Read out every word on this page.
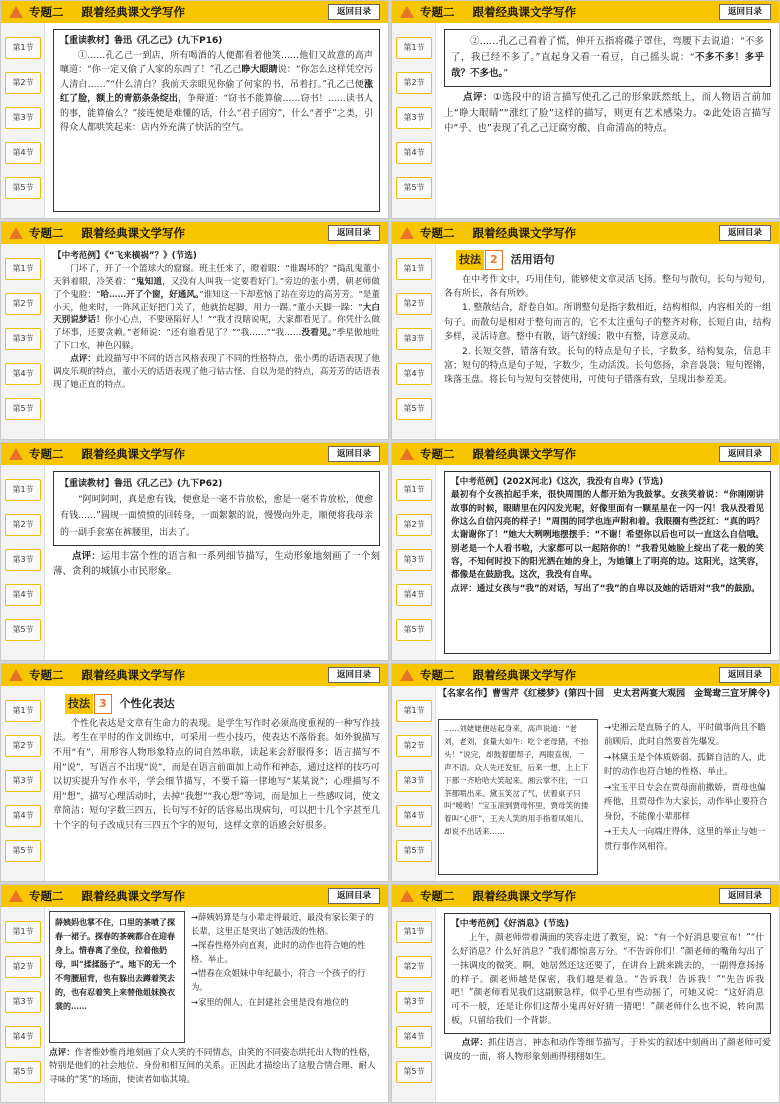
专题二 跟着经典课文学写作	返回目录
第1节
第2节
第3节
第4节
第5节
【重读教材】鲁迅《孔乙己》(九下P16)
①……孔乙己一到店，所有喝酒的人便都看着他笑……他们又故意的高声嚷道：“你一定又偷了人家的东西了！”孔乙己睁大眼睛说：“你怎么这样凭空污人清白……”“什么清白？我前天亲眼见你偷了何家的书，吊着打。”孔乙己便涨红了脸，额上的青筋条条绽出，争辩道：“窃书不能算偷……窃书！……读书人的事，能算偷么？”接连便是难懂的话，什么“君子固穷”，什么“者乎”之类，引得众人都哄笑起来：店内外充满了快活的空气。
专题二 跟着经典课文学写作	返回目录
第1节
第2节
第3节
第4节
第5节
②……孔乙己看着了慌，伸开五指将碟子罩住，弯腰下去说道：“不多了，我已经不多了。”直起身又看一看豆，自己摇头说：“不多不多！多乎哉？不多也。”
点评：①选段中的语言描写使孔乙己的形象跃然纸上，而人物语言前加上“睁大眼睛”“涨红了脸”这样的描写，则更有艺术感染力。②此处语言描写中“乎、也”表现了孔乙己迂腐穷酸、自命清高的特点。
专题二 跟着经典课文学写作	返回目录
第1节
第2节
第3节
第4节
第5节
【中考范例】《“飞来横祸”？》(节选)
门坏了，开了一个篮球大的窟窿。班主任来了，瞪着眼：“谁踢坏的？”捣乱鬼董小天斜着眼，冷笑着：“鬼知道，又没有人叫我一定要看好门。”旁边的张小勇，朝老师做了个鬼脸：“哈……开了个窗，好通风。”谁知这一下却惹恼了站在旁边的高芳芳。“是董小天，他来时，一阵风正好把门关了，他就抬起脚，用力一踢。”董小天脚一跺：“大白天别说梦话！你小心点，不要诬陷好人！”“我才没瞎说呢，大家都看见了。你凭什么做了坏事，还要贪赖。”老师说：“还有谁看见了？”“我……”“我……没看见。”季星傲地吐了下口水，神色闪躲。
点评：此段描写中不同的语言风格表现了不同的性格特点，张小勇的话语表现了他调皮乐观的特点，董小天的话语表现了他刁钻古怪、自以为是的特点，高芳芳的话语表现了她正直的特点。
专题二 跟着经典课文学写作	返回目录
第1节
第2节
第3节
第4节
第5节
技法 2	活用语句
在中考作文中，巧用佳句，能够使文章灵活飞扬。整句与散句，长句与短句，各有所长，各有所妙。
1. 整散结合，舒卷自如。所谓整句是指字数相近，结构相似，内容相关的一组句子。而散句是相对于整句而言的，它不太注重句子的整齐对称，长短自由，结构多样，灵活诗意。整中有散，语气舒缓；散中有整，诗意灵动。
2. 长短交替，错落有致。长句的特点是句子长，字数多，结构复杂，信息丰富；短句的特点是句子短，字数少，生动活泼。长句悠扬，余音袅袅；短句铿锵，珠落玉盘。将长句与短句交替使用，可使句子错落有致，呈现出参差美。
专题二 跟着经典课文学写作	返回目录
第1节
第2节
第3节
第4节
第5节
【重读教材】鲁迅《孔乙己》(九下P62)
“阿呵阿呵，真是愈有钱，便愈是一毫不肯放松，愈是一毫不肯放松，便愈有钱……”圆规一面愤愤的回转身，一面絮絮的说，慢慢向外走，顺便将我母亲的一副手套塞在裤腰里，出去了。
点评：运用丰富个性的语言和一系列细节描写，生动形象地刻画了一个刻薄、贪利的城镇小市民形象。
专题二 跟着经典课文学写作	返回目录
第1节
第2节
第3节
第4节
第5节
【中考范例】(202X河北)《这次，我没有自卑》(节选)
最初有个女孩拍起手来，很快周围的人都开始为我鼓掌。女孩笑着说：“你刚刚讲故事的时候，眼睛里在闪闪发光呢，好像里面有一颗星星在一闪一闪！我从没看见你这么自信闪亮的样子！”周围的同学也连声附和着。我眼圈有些泛红：“真的吗？太谢谢你了！”她大大咧咧地摆摆手：“不谢！希望你以后也可以一直这么自信哦。别老是一个人看书啦，大家都可以一起陪你的！”我看见她脸上绽出了花一般的笑容，不知何时投下的阳光洒在她的身上，为她镶上了明亮的边。这阳光，这笑容，都像是在鼓励我。这次，我没有自卑。
点评：通过女孩与“我”的对话，写出了“我”的自卑以及她的话语对“我”的鼓励。
专题二 跟着经典课文学写作	返回目录
第1节
第2节
第3节
第4节
第5节
技法 3	个性化表达
个性化表达是文章有生命力的表现。是学生写作时必须高度重视的一种写作技法。考生在平时的作文训练中，可采用一些小技巧，使表达不落俗套。如外貌描写不用“有”，用形容人物形象特点的词自然串联，读起来会舒服得多；语言描写不用“说”，写语言不出现“说”，而是在语言前面加上动作和神态，通过这样的技巧可以切实提升写作水平，学会细节描写，不要千篇一律地写“某某说”；心理描写不用“想”，描写心理活动时，去掉“我想”“我心想”等词，而是加上一些感叹词，使文章简洁；短句字数三四五，长句写不好的话容易出现病句，可以把十几个字甚至几十个字的句子改成只有三四五个字的短句，这样文章的语感会好很多。
专题二 跟着经典课文学写作	返回目录
第1节
第2节
第3节
第4节
第5节
【名家名作】曹雪芹《红楼梦》(第四十回　史太君两宴大观园　金鸳鸯三宣牙牌令)
……刘姥姥便站起身来，高声说道：“老刘，老刘，食量大如牛：吃个老母猪，不抬头！”说完，却鼓着腮帮子，两眼直视，一声不语。众人先还发怔，后来一想，上上下下都一齐哈哈大笑起来。湘云掌不住，一口茶都喷出来。黛玉笑岔了气，伏着桌子只叫“嗳哟！”宝玉滚到贾母怀里，贾母笑的搂着叫“心肝”，王夫人笑的用手指着凤姐儿，却说不出话来……

→史湘云是直肠子的人，平时做事尚且不瞻前顾后，此时自然要首先爆发。

→林黛玉是个体质娇弱、孤僻自洁的人，此时的动作也符合她的性格、举止。

→宝玉平日专会在贾母面前撒娇，贾母也偏疼他，且贾母作为大家长，动作举止要符合身份，不能像小辈那样

→王夫人一向端庄得体，这里的举止与她一贯行事作风相符。

专题二 跟着经典课文学写作	返回目录
第1节
第2节
第3节
第4节
第5节
薛姨妈也掌不住，口里的茶喷了探春一裙子。探春的茶碗都合在迎春身上。惜春离了坐位，拉着他奶母，叫“揉揉肠子”。地下的无一个不弯腰屈背，也有躲出去蹲着笑去的，也有忍着笑上来替他姐妹换衣裳的……

→薛姨妈算是与小辈走得最近，最没有家长架子的长辈，这里正是突出了她活泼的性格。

→探春性格外向直爽，此时的动作也符合她的性格、举止。

→惜春在众姐妹中年纪最小，符合一个孩子的行为。

→家里的佣人，在封建社会里是没有地位的

点评：作者惟妙惟肖地刻画了众人笑的不同情态，由笑的不同姿态烘托出人物的性格，特别是他们的社会地位、身份和相互间的关系。正因此才描绘出了这般合情合理、耐人寻味的“笑”的场面，使读者如临其境。
专题二 跟着经典课文学写作	返回目录
第1节
第2节
第3节
第4节
第5节
【中考范例】《好消息》(节选)
上午，颜老师带着满面的笑容走进了教室，说：“有一个好消息要宣布！”“什么好消息？什么好消息？”我们都惊喜万分。“不告诉你们！”颜老师的嘴角勾出了一抹调皮的微笑。啊，她居然还这还要了，在讲台上跳来跳去的，一副得意扬扬的样子。颜老师越是保密，我们越是着急。“告诉我！告诉我！”“先告诉我吧！”颜老师看见我们这副猴急样，似乎心里有些动摇了，可她又说：“这好消息可不一般，还是让你们这帮小鬼再好好猜一猜吧！”颜老师什么也不说，转向黑板，只留给我们一个背影。
点评：抓住语言、神态和动作等细节描写，于朴实的叙述中刻画出了颜老师可爱调皮的一面，将人物形象刻画得栩栩如生。
